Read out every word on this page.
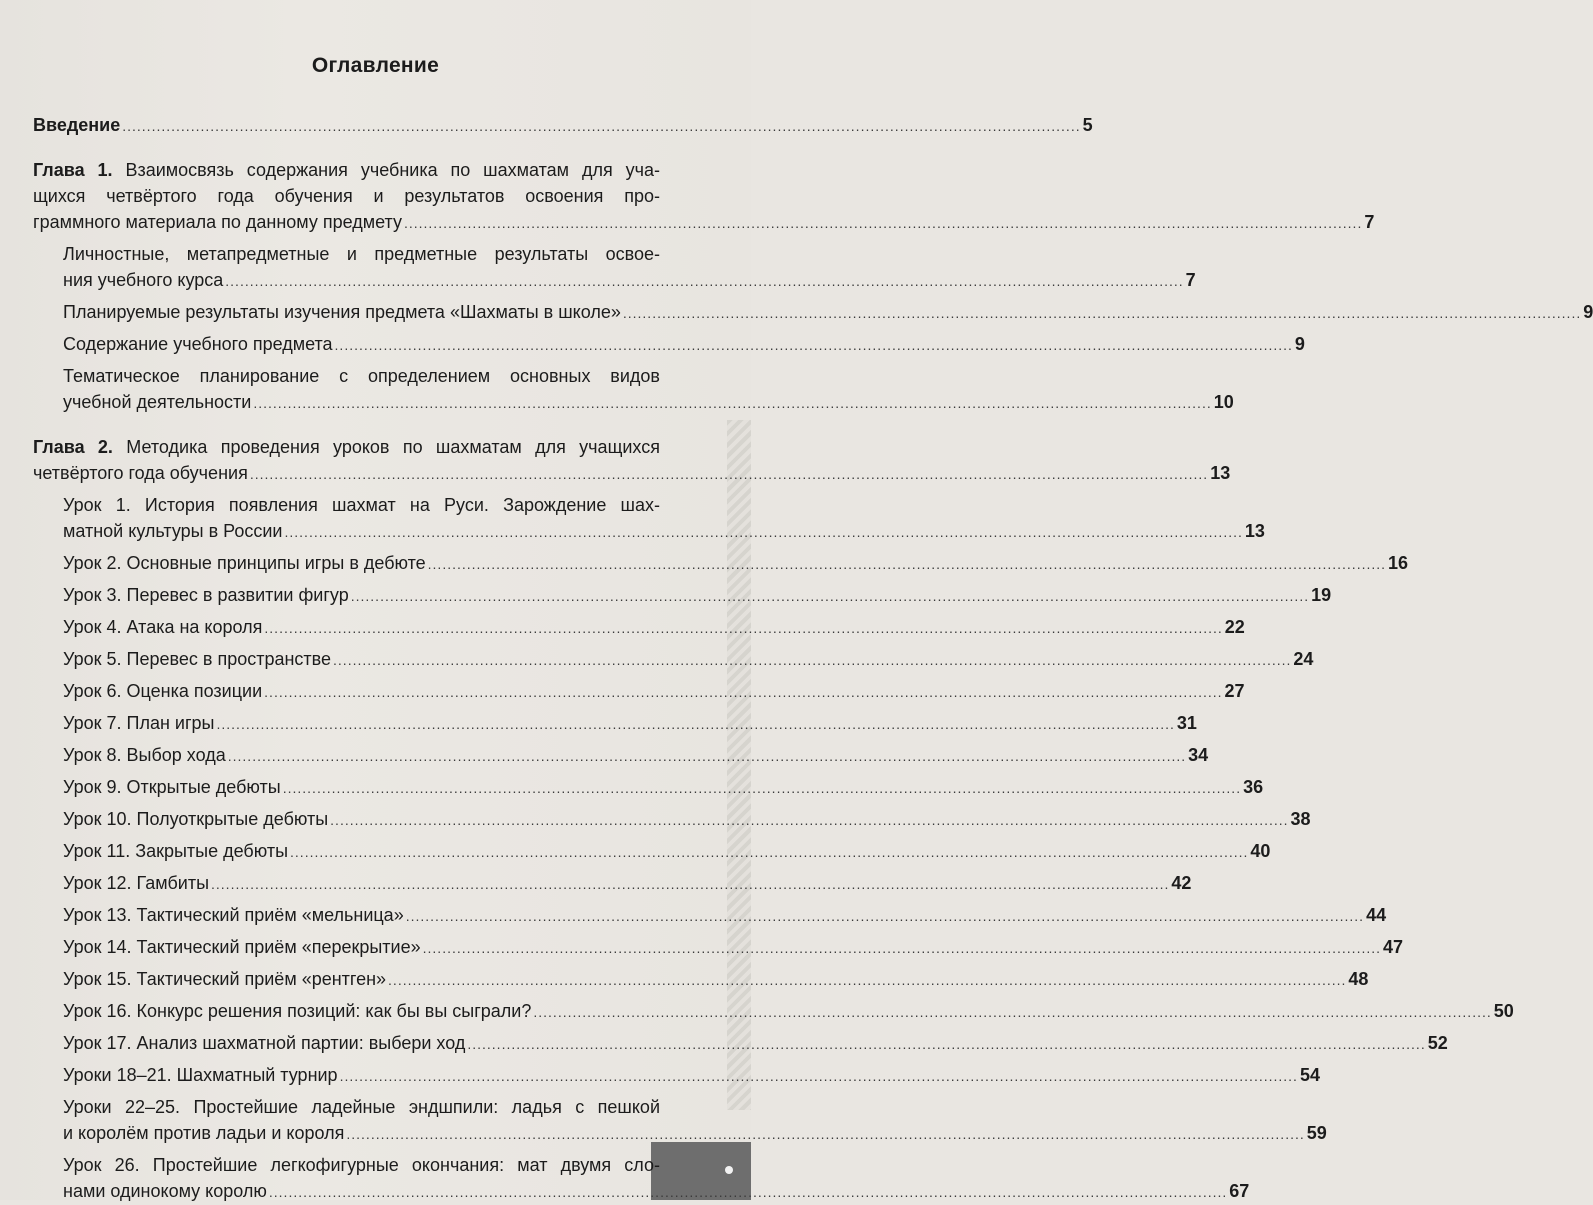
Оглавление
Введение .................................................................................................................................................................................................... 5
Глава 1. Взаимосвязь содержания учебника по шахматам для уча-
щихся четвёртого года обучения и результатов освоения про-
граммного материала по данному предмету .................................................................................................................................................................................................... 7
Личностные, метапредметные и предметные результаты освое-
ния учебного курса .................................................................................................................................................................................................... 7
Планируемые результаты изучения предмета «Шахматы в школе» .................................................................................................................................................................................................... 9
Содержание учебного предмета .................................................................................................................................................................................................... 9
Тематическое планирование с определением основных видов
учебной деятельности .................................................................................................................................................................................................... 10
Глава 2. Методика проведения уроков по шахматам для учащихся
четвёртого года обучения .................................................................................................................................................................................................... 13
Урок 1. История появления шахмат на Руси. Зарождение шах-
матной культуры в России .................................................................................................................................................................................................... 13
Урок 2. Основные принципы игры в дебюте .................................................................................................................................................................................................... 16
Урок 3. Перевес в развитии фигур .................................................................................................................................................................................................... 19
Урок 4. Атака на короля .................................................................................................................................................................................................... 22
Урок 5. Перевес в пространстве .................................................................................................................................................................................................... 24
Урок 6. Оценка позиции .................................................................................................................................................................................................... 27
Урок 7. План игры .................................................................................................................................................................................................... 31
Урок 8. Выбор хода .................................................................................................................................................................................................... 34
Урок 9. Открытые дебюты .................................................................................................................................................................................................... 36
Урок 10. Полуоткрытые дебюты .................................................................................................................................................................................................... 38
Урок 11. Закрытые дебюты .................................................................................................................................................................................................... 40
Урок 12. Гамбиты .................................................................................................................................................................................................... 42
Урок 13. Тактический приём «мельница» .................................................................................................................................................................................................... 44
Урок 14. Тактический приём «перекрытие» .................................................................................................................................................................................................... 47
Урок 15. Тактический приём «рентген» .................................................................................................................................................................................................... 48
Урок 16. Конкурс решения позиций: как бы вы сыграли? .................................................................................................................................................................................................... 50
Урок 17. Анализ шахматной партии: выбери ход .................................................................................................................................................................................................... 52
Уроки 18–21. Шахматный турнир .................................................................................................................................................................................................... 54
Уроки 22–25. Простейшие ладейные эндшпили: ладья с пешкой
и королём против ладьи и короля .................................................................................................................................................................................................... 59
Урок 26. Простейшие легкофигурные окончания: мат двумя сло-
нами одинокому королю .................................................................................................................................................................................................... 67
